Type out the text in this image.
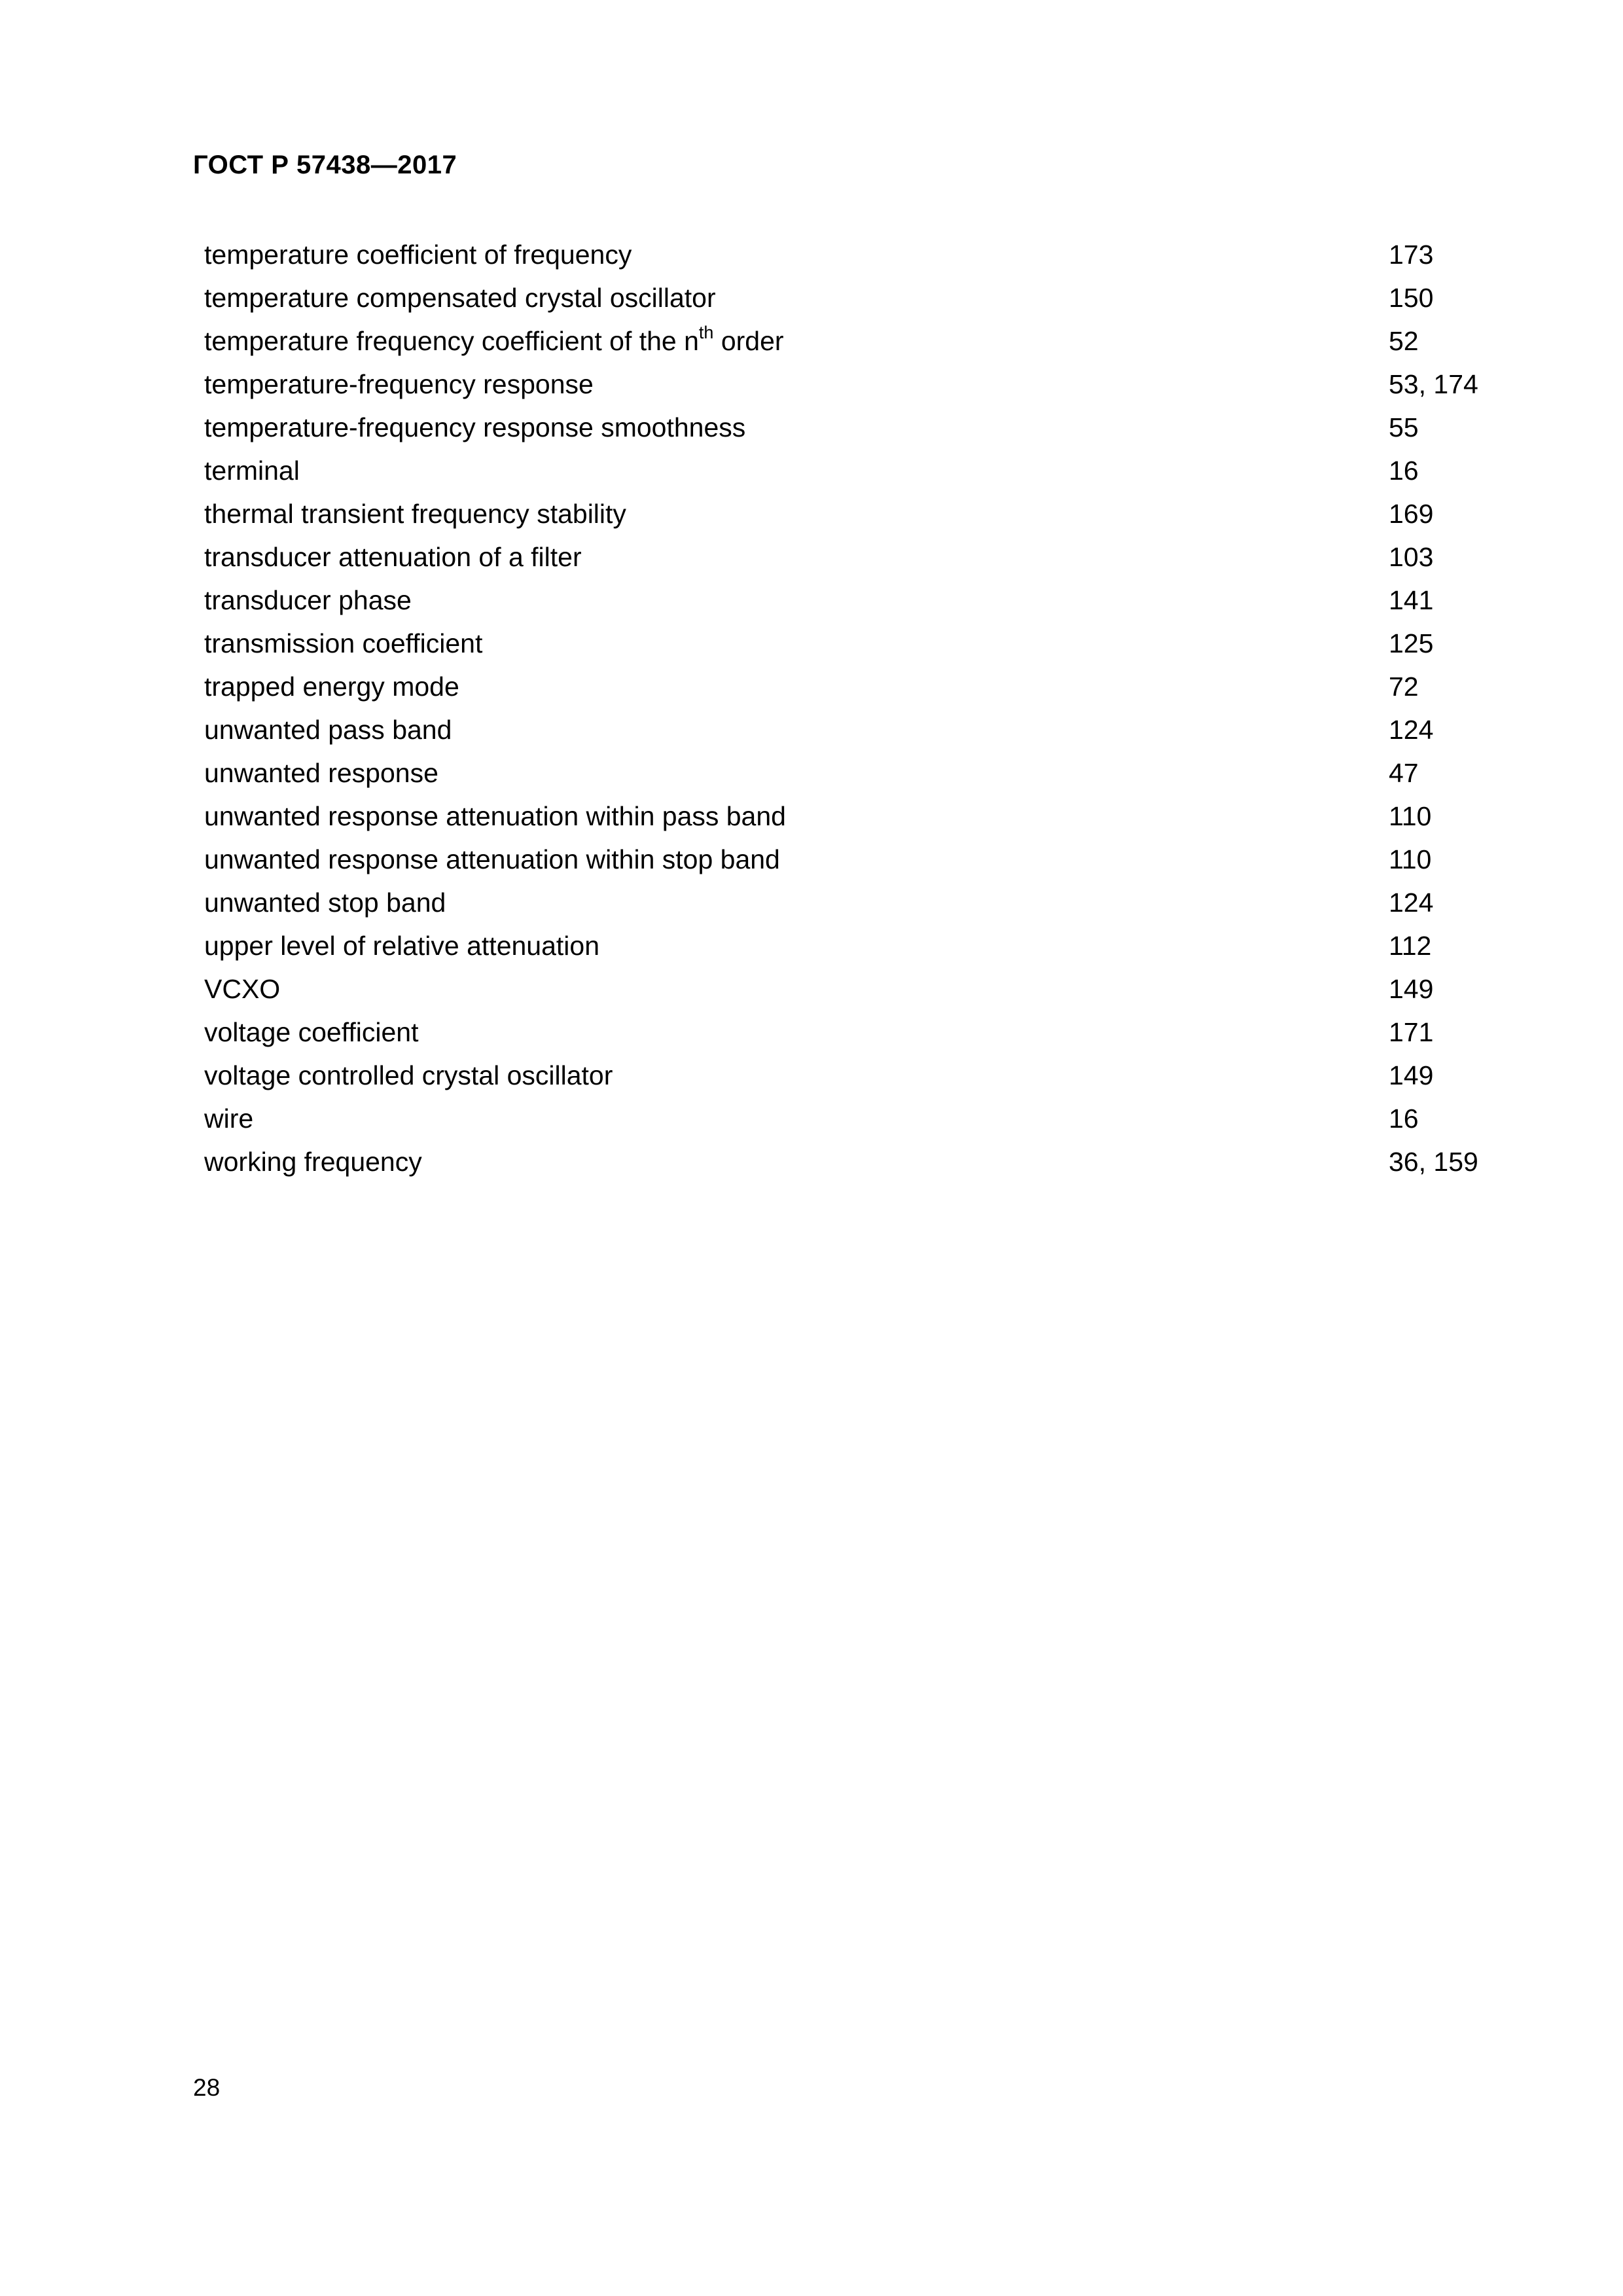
ГОСТ Р 57438—2017
temperature coefficient of frequency	173
temperature compensated crystal oscillator	150
temperature frequency coefficient of the $n^{th}$ order	52
temperature-frequency response	53, 174
temperature-frequency response smoothness	55
terminal	16
thermal transient frequency stability	169
transducer attenuation of a filter	103
transducer phase	141
transmission coefficient	125
trapped energy mode	72
unwanted pass band	124
unwanted response	47
unwanted response attenuation within pass band	110
unwanted response attenuation within stop band	110
unwanted stop band	124
upper level of relative attenuation	112
VCXO	149
voltage coefficient	171
voltage controlled crystal oscillator	149
wire	16
working frequency	36, 159
28
